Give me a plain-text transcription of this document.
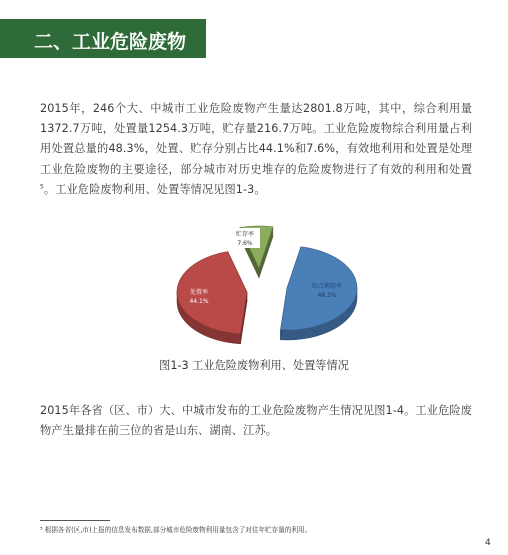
二、工业危险废物
2015年，246个大、中城市工业危险废物产生量达2801.8万吨，其中，综合利用量1372.7万吨，处置量1254.3万吨，贮存量216.7万吨。工业危险废物综合利用量占利用处置总量的48.3%，处置、贮存分别占比44.1%和7.6%，有效地利用和处置是处理工业危险废物的主要途径，部分城市对历史堆存的危险废物进行了有效的利用和处置$^5$。工业危险废物利用、处置等情况见图1-3。
综合利用率
48.3%
处置率
44.1%
贮存率
7.6%
图1-3 工业危险废物利用、处置等情况
2015年各省（区、市）大、中城市发布的工业危险废物产生情况见图1-4。工业危险废物产生量排在前三位的省是山东、湖南、江苏。
⁵ 根据各省(区,市)上报的信息发布数据,部分城市危险废物利用量包含了对往年贮存量的利用。
4
